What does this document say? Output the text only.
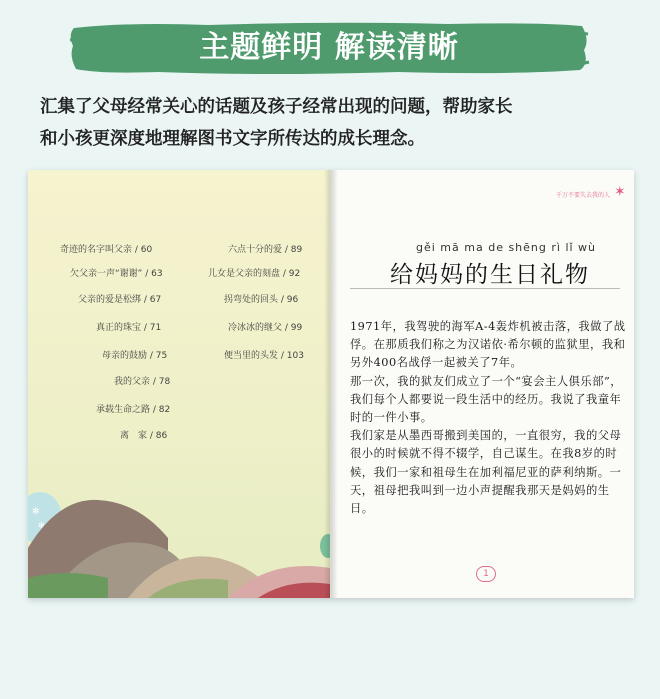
主题鲜明 解读清晰

汇集了父母经常关心的话题及孩子经常出现的问题，帮助家长

和小孩更深度地理解图书文字所传达的成长理念。

奇迹的名字叫父亲 / 60
欠父亲一声“谢谢” / 63
父亲的爱是松绑 / 67
真正的珠宝 / 71
母亲的鼓励 / 75
我的父亲 / 78
承载生命之路 / 82
离　家 / 86
六点十分的爱 / 89
儿女是父亲的刻盘 / 92
拐弯处的回头 / 96
冷冰冰的继父 / 99
便当里的头发 / 103
✻
✻
千万不要失去我的人 ✶
gěi mā ma de shēng rì lǐ wù
给妈妈的生日礼物

1971年，我驾驶的海军A-4轰炸机被击落，我做了战俘。在那质我们称之为汉诺依·希尔顿的监狱里，我和另外400名战俘一起被关了7年。

那一次，我的狱友们成立了一个“宴会主人俱乐部”，我们每个人都要说一段生活中的经历。我说了我童年时的一件小事。

我们家是从墨西哥搬到美国的，一直很穷，我的父母很小的时候就不得不辍学，自己谋生。在我8岁的时候，我们一家和祖母生在加利福尼亚的萨利纳斯。一天，祖母把我叫到一边小声提醒我那天是妈妈的生日。

1
